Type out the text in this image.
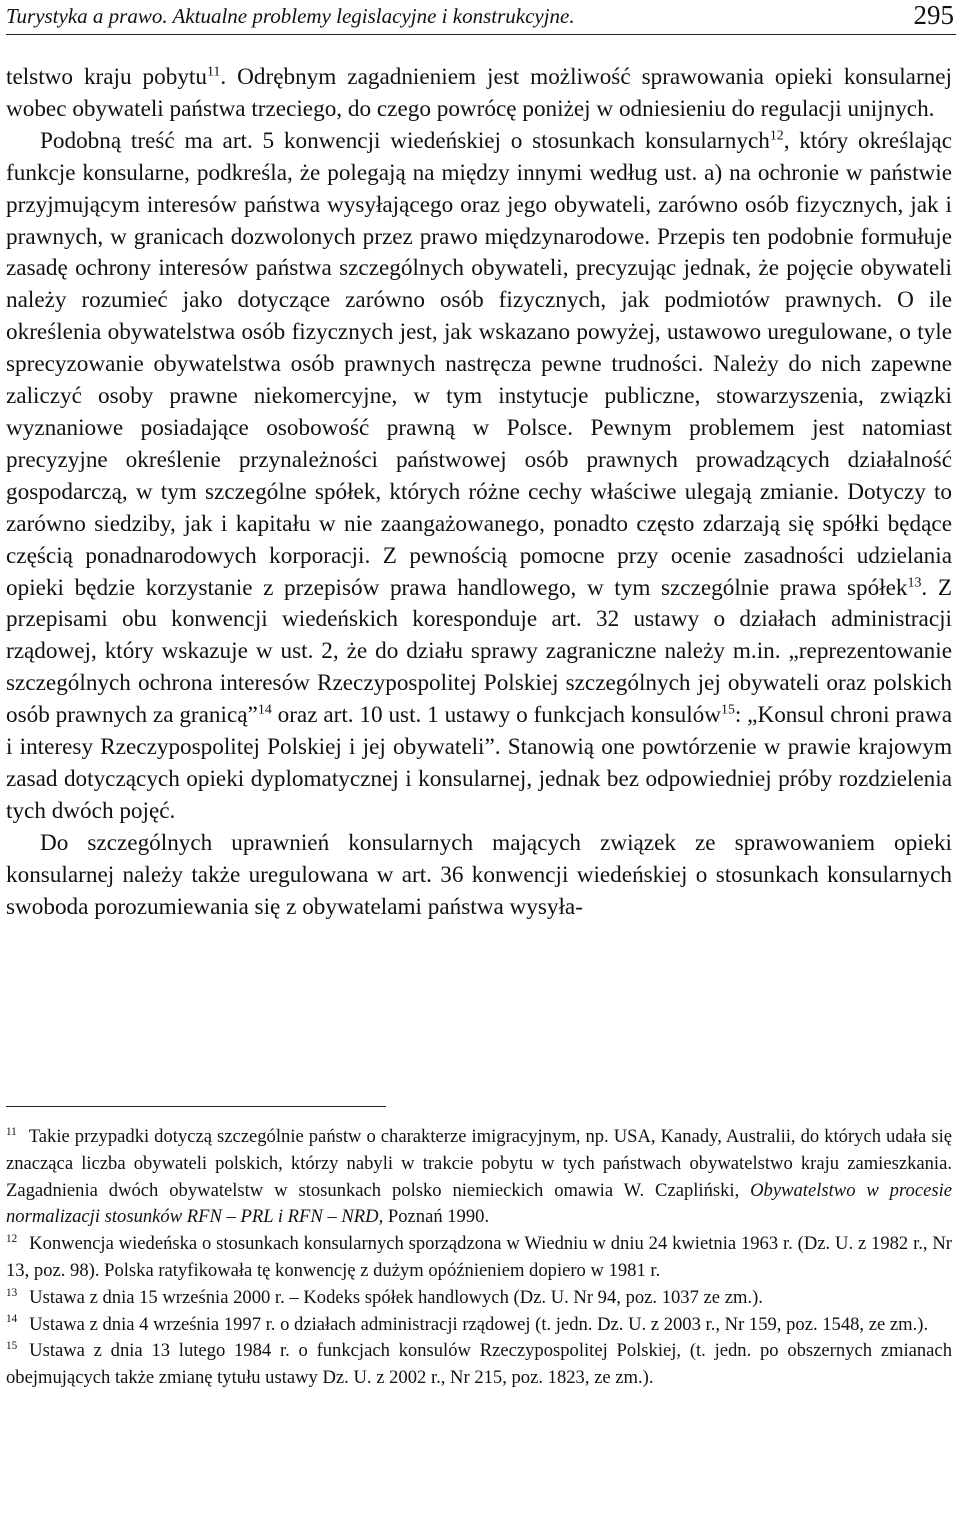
Turystyka a prawo. Aktualne problemy legislacyjne i konstrukcyjne.	295

telstwo kraju pobytu$^{11}$. Odrębnym zagadnieniem jest możliwość sprawowania opieki konsularnej wobec obywateli państwa trzeciego, do czego powrócę poniżej w odniesieniu do regulacji unijnych.

Podobną treść ma art. 5 konwencji wiedeńskiej o stosunkach konsularnych$^{12}$, który określając funkcje konsularne, podkreśla, że polegają na między innymi według ust. a) na ochronie w państwie przyjmującym interesów państwa wysyłającego oraz jego obywateli, zarówno osób fizycznych, jak i prawnych, w granicach dozwolonych przez prawo międzynarodowe. Przepis ten podobnie formułuje zasadę ochrony interesów państwa szczególnych obywateli, precyzując jednak, że pojęcie obywateli należy rozumieć jako dotyczące zarówno osób fizycznych, jak podmiotów prawnych. O ile określenia obywatelstwa osób fizycznych jest, jak wskazano powyżej, ustawowo uregulowane, o tyle sprecyzowanie obywatelstwa osób prawnych nastręcza pewne trudności. Należy do nich zapewne zaliczyć osoby prawne niekomercyjne, w tym instytucje publiczne, stowarzyszenia, związki wyznaniowe posiadające osobowość prawną w Polsce. Pewnym problemem jest natomiast precyzyjne określenie przynależności państwowej osób prawnych prowadzących działalność gospodarczą, w tym szczególne spółek, których różne cechy właściwe ulegają zmianie. Dotyczy to zarówno siedziby, jak i kapitału w nie zaangażowanego, ponadto często zdarzają się spółki będące częścią ponadnarodowych korporacji. Z pewnością pomocne przy ocenie zasadności udzielania opieki będzie korzystanie z przepisów prawa handlowego, w tym szczególnie prawa spółek$^{13}$. Z przepisami obu konwencji wiedeńskich koresponduje art. 32 ustawy o działach administracji rządowej, który wskazuje w ust. 2, że do działu sprawy zagraniczne należy m.in. „reprezentowanie szczególnych ochrona interesów Rzeczypospolitej Polskiej szczególnych jej obywateli oraz polskich osób prawnych za granicą”$^{14}$ oraz art. 10 ust. 1 ustawy o funkcjach konsulów$^{15}$: „Konsul chroni prawa i interesy Rzeczypospolitej Polskiej i jej obywateli”. Stanowią one powtórzenie w prawie krajowym zasad dotyczących opieki dyplomatycznej i konsularnej, jednak bez odpowiedniej próby rozdzielenia tych dwóch pojęć.

Do szczególnych uprawnień konsularnych mających związek ze sprawowaniem opieki konsularnej należy także uregulowana w art. 36 konwencji wiedeńskiej o stosunkach konsularnych swoboda porozumiewania się z obywatelami państwa wysyła-

$^{11}$ Takie przypadki dotyczą szczególnie państw o charakterze imigracyjnym, np. USA, Kanady, Australii, do których udała się znacząca liczba obywateli polskich, którzy nabyli w trakcie pobytu w tych państwach obywatelstwo kraju zamieszkania. Zagadnienia dwóch obywatelstw w stosunkach polsko niemieckich omawia W. Czapliński, Obywatelstwo w procesie normalizacji stosunków RFN – PRL i RFN – NRD, Poznań 1990.

$^{12}$ Konwencja wiedeńska o stosunkach konsularnych sporządzona w Wiedniu w dniu 24 kwietnia 1963 r. (Dz. U. z 1982 r., Nr 13, poz. 98). Polska ratyfikowała tę konwencję z dużym opóźnieniem dopiero w 1981 r.

$^{13}$ Ustawa z dnia 15 września 2000 r. – Kodeks spółek handlowych (Dz. U. Nr 94, poz. 1037 ze zm.).

$^{14}$ Ustawa z dnia 4 września 1997 r. o działach administracji rządowej (t. jedn. Dz. U. z 2003 r., Nr 159, poz. 1548, ze zm.).

$^{15}$ Ustawa z dnia 13 lutego 1984 r. o funkcjach konsulów Rzeczypospolitej Polskiej, (t. jedn. po obszernych zmianach obejmujących także zmianę tytułu ustawy Dz. U. z 2002 r., Nr 215, poz. 1823, ze zm.).
